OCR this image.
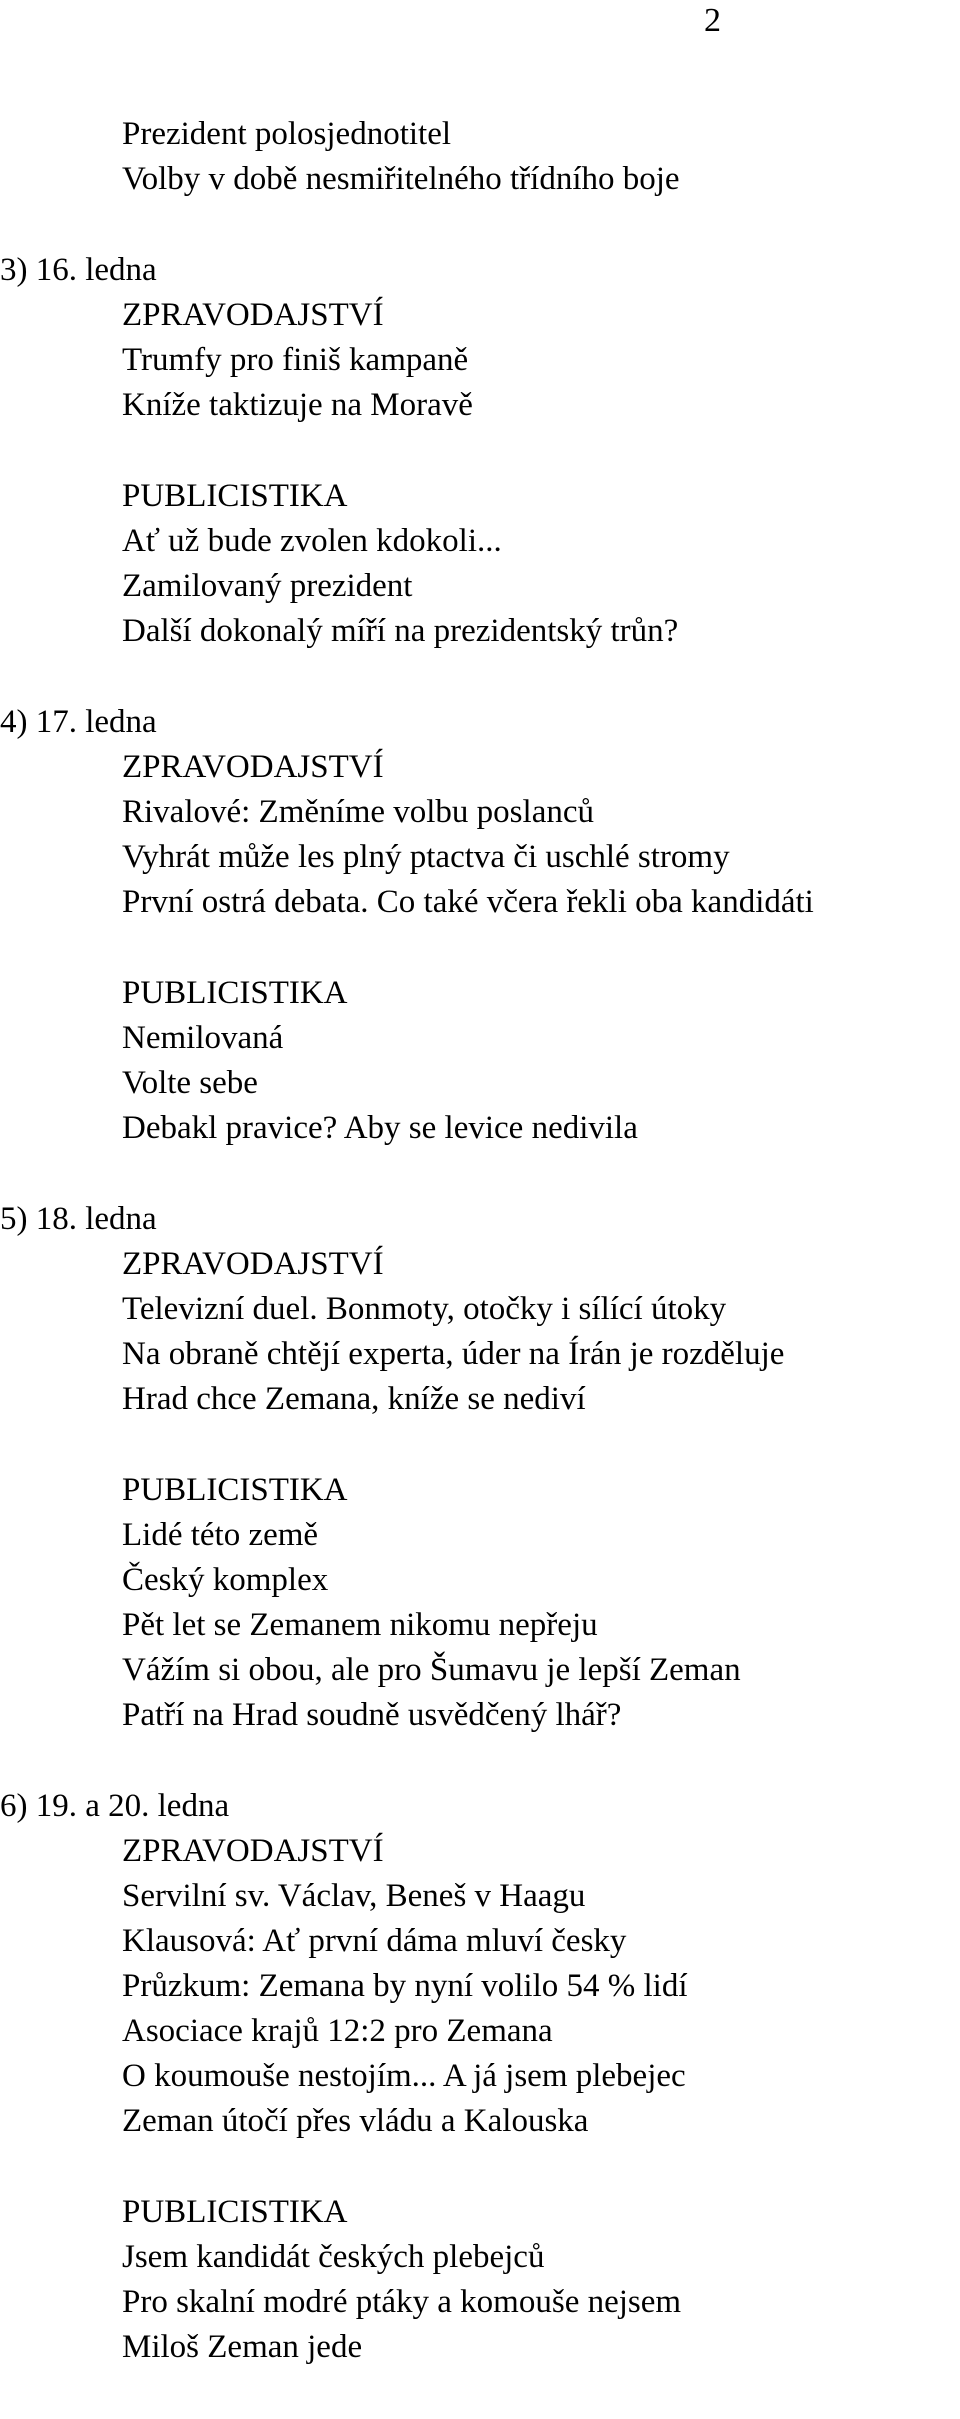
2
Prezident polosjednotitel
Volby v době nesmiřitelného třídního boje
3) 16. ledna
ZPRAVODAJSTVÍ
Trumfy pro finiš kampaně
Kníže taktizuje na Moravě
PUBLICISTIKA
Ať už bude zvolen kdokoli...
Zamilovaný prezident
Další dokonalý míří na prezidentský trůn?
4) 17. ledna
ZPRAVODAJSTVÍ
Rivalové: Změníme volbu poslanců
Vyhrát může les plný ptactva či uschlé stromy
První ostrá debata. Co také včera řekli oba kandidáti
PUBLICISTIKA
Nemilovaná
Volte sebe
Debakl pravice? Aby se levice nedivila
5) 18. ledna
ZPRAVODAJSTVÍ
Televizní duel. Bonmoty, otočky i sílící útoky
Na obraně chtějí experta, úder na Írán je rozděluje
Hrad chce Zemana, kníže se nediví
PUBLICISTIKA
Lidé této země
Český komplex
Pět let se Zemanem nikomu nepřeju
Vážím si obou, ale pro Šumavu je lepší Zeman
Patří na Hrad soudně usvědčený lhář?
6) 19. a 20. ledna
ZPRAVODAJSTVÍ
Servilní sv. Václav, Beneš v Haagu
Klausová: Ať první dáma mluví česky
Průzkum: Zemana by nyní volilo 54 % lidí
Asociace krajů 12:2 pro Zemana
O koumouše nestojím... A já jsem plebejec
Zeman útočí přes vládu a Kalouska
PUBLICISTIKA
Jsem kandidát českých plebejců
Pro skalní modré ptáky a komouše nejsem
Miloš Zeman jede
